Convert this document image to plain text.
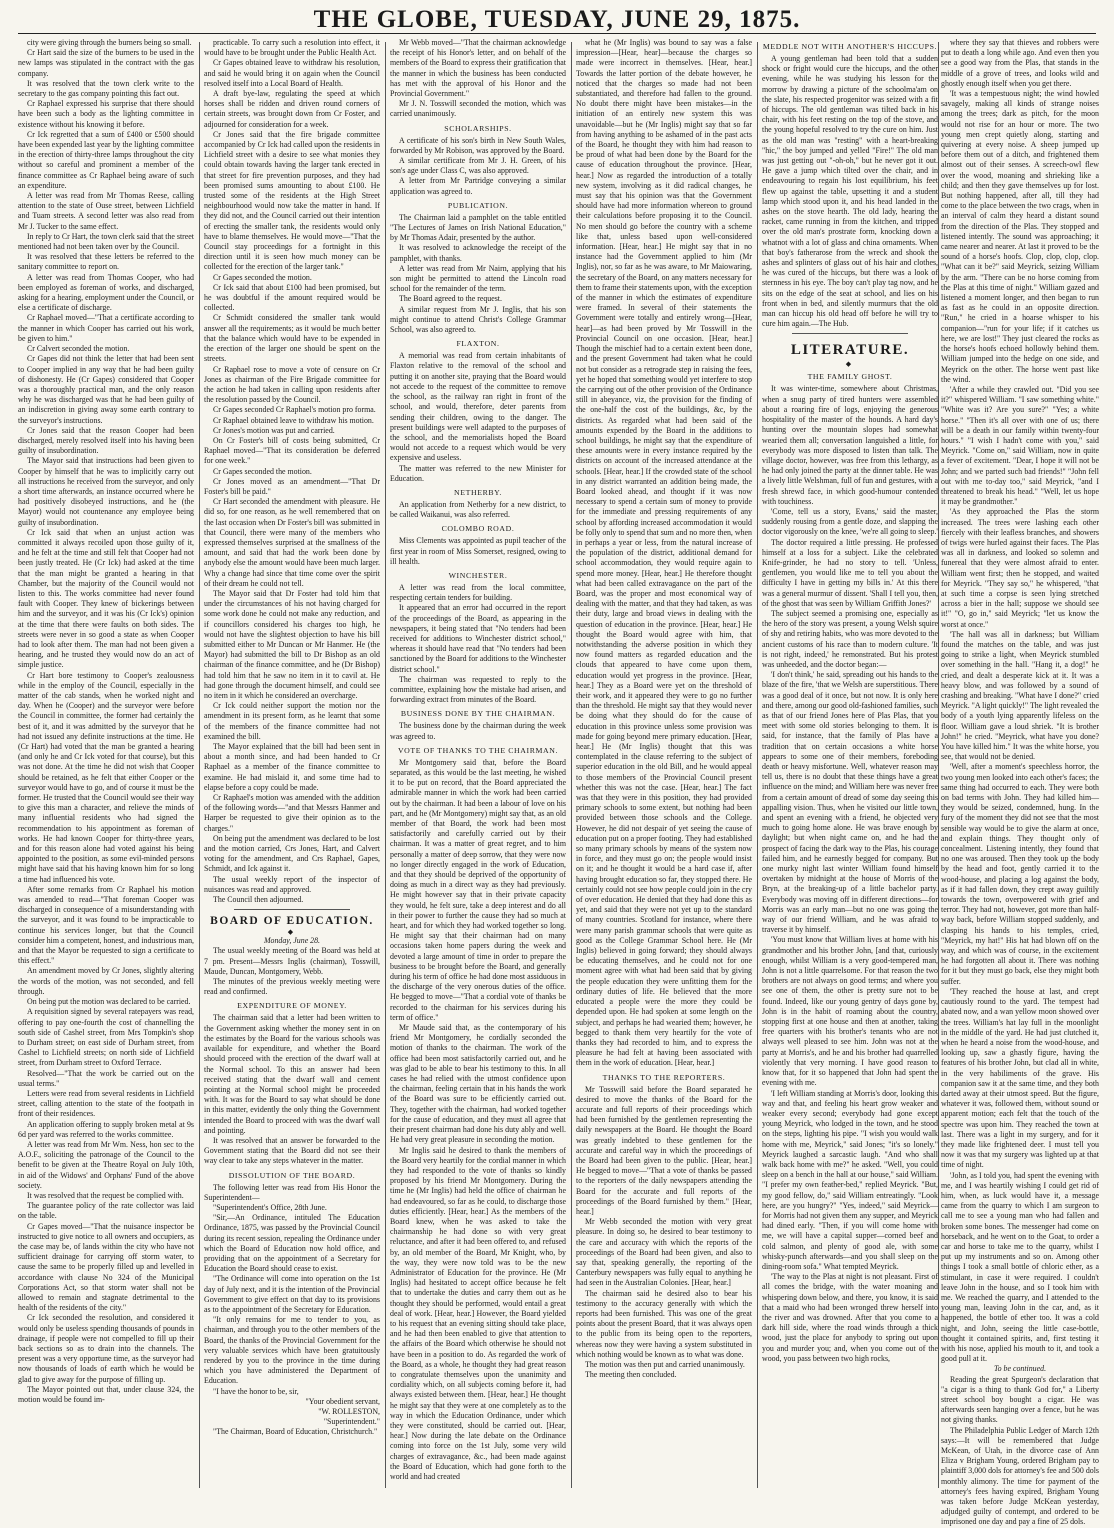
THE GLOBE, TUESDAY, JUNE 29, 1875.

city were giving through the burners being so small.

Cr Hart said the size of the burners to be used in the new lamps was stipulated in the contract with the gas company.

It was resolved that the town clerk write to the secretary to the gas company pointing this fact out.

Cr Raphael expressed his surprise that there should have been such a body as the lighting committee in existence without his knowing it before.

Cr Ick regretted that a sum of £400 or £500 should have been expended last year by the lighting committee in the erection of thirty-three lamps throughout the city without so careful and prominent a member of the finance committee as Cr Raphael being aware of such an expenditure.

A letter was read from Mr Thomas Reese, calling attention to the state of Ouse street, between Lichfield and Tuam streets. A second letter was also read from Mr J. Tucker to the same effect.

In reply to Cr Hart, the town clerk said that the street mentioned had not been taken over by the Council.

It was resolved that these letters be referred to the sanitary committee to report on.

A letter was read from Thomas Cooper, who had been employed as foreman of works, and discharged, asking for a hearing, employment under the Council, or else a certificate of discharge.

Cr Raphael moved—"That a certificate according to the manner in which Cooper has carried out his work, be given to him."

Cr Calvert seconded the motion.

Cr Gapes did not think the letter that had been sent to Cooper implied in any way that he had been guilty of dishonesty. He (Cr Gapes) considered that Cooper was a thoroughly practical man, and the only reason why he was discharged was that he had been guilty of an indiscretion in giving away some earth contrary to the surveyor's instructions.

Cr Jones said that the reason Cooper had been discharged, merely resolved itself into his having been guilty of insubordination.

The Mayor said that instructions had been given to Cooper by himself that he was to implicitly carry out all instructions he received from the surveyor, and only a short time afterwards, an instance occurred where he had positively disobeyed instructions, and he (the Mayor) would not countenance any employee being guilty of insubordination.

Cr Ick said that when an unjust action was committed it always recoiled upon those guilty of it, and he felt at the time and still felt that Cooper had not been justly treated. He (Cr Ick) had asked at the time that the man might be granted a hearing in that Chamber, but the majority of the Council would not listen to this. The works committee had never found fault with Cooper. They knew of bickerings between him and the surveyor, and it was his (Cr Ick's) opinion at the time that there were faults on both sides. The streets were never in so good a state as when Cooper had to look after them. The man had not been given a hearing, and he trusted they would now do an act of simple justice.

Cr Hart bore testimony to Cooper's zealousness while in the employ of the Council, especially in the matter of the cab stands, when he worked night and day. When he (Cooper) and the surveyor were before the Council in committee, the former had certainly the best of it, and it was admitted by the surveyor that he had not issued any definite instructions at the time. He (Cr Hart) had voted that the man be granted a hearing (and only he and Cr Ick voted for that course), but this was not done. At the time he did not wish that Cooper should be retained, as he felt that either Cooper or the surveyor would have to go, and of course it must be the former. He trusted that the Council would see their way to give this man a character, and relieve the minds of many influential residents who had signed the recommendation to his appointment as foreman of works. He had known Cooper for thirty-three years, and for this reason alone had voted against his being appointed to the position, as some evil-minded persons might have said that his having known him for so long a time had influenced his vote.

After some remarks from Cr Raphael his motion was amended to read—"That foreman Cooper was discharged in consequence of a misunderstanding with the surveyor, and it was found to be impracticable to continue his services longer, but that the Council consider him a competent, honest, and industrious man, and that the Mayor be requested to sign a certificate to this effect."

An amendment moved by Cr Jones, slightly altering the words of the motion, was not seconded, and fell through.

On being put the motion was declared to be carried.

A requisition signed by several ratepayers was read, offering to pay one-fourth the cost of channelling the south side of Cashel street, from Mrs Tompkin's shop to Durham street; on east side of Durham street, from Cashel to Lichfield streets; on north side of Lichfield street, from Durham street to Oxford Terrace.

Resolved—"That the work be carried out on the usual terms."

Letters were read from several residents in Lichfield street, calling attention to the state of the footpath in front of their residences.

An application offering to supply broken metal at 9s 6d per yard was referred to the works committee.

A letter was read from Mr Wm. Ness, hon sec to the A.O.F., soliciting the patronage of the Council to the benefit to be given at the Theatre Royal on July 10th, in aid of the Widows' and Orphans' Fund of the above society.

It was resolved that the request be complied with.

The guarantee policy of the rate collector was laid on the table.

Cr Gapes moved—"That the nuisance inspector be instructed to give notice to all owners and occupiers, as the case may be, of lands within the city who have not sufficient drainage for carrying off storm water, to cause the same to be properly filled up and levelled in accordance with clause No 324 of the Municipal Corporations Act, so that storm water shall not be allowed to remain and stagnate detrimental to the health of the residents of the city."

Cr Ick seconded the resolution, and considered it would only be useless spending thousands of pounds in drainage, if people were not compelled to fill up their back sections so as to drain into the channels. The present was a very opportune time, as the surveyor had now thousands of loads of earth which he would be glad to give away for the purpose of filling up.

The Mayor pointed out that, under clause 324, the motion would be found im-

practicable. To carry such a resolution into effect, it would have to be brought under the Public Health Act.

Cr Gapes obtained leave to withdraw his resolution, and said he would bring it on again when the Council resolved itself into a Local Board of Health.

A draft bye-law, regulating the speed at which horses shall be ridden and driven round corners of certain streets, was brought down from Cr Foster, and adjourned for consideration for a week.

Cr Jones said that the fire brigade committee accompanied by Cr Ick had called upon the residents in Lichfield street with a desire to see what monies they could obtain towards having the larger tank erected in that street for fire prevention purposes, and they had been promised sums amounting to about £100. He trusted some of the residents at the High Street neighbourhood would now take the matter in hand. If they did not, and the Council carried out their intention of erecting the smaller tank, the residents would only have to blame themselves. He would move—"That the Council stay proceedings for a fortnight in this direction until it is seen how much money can be collected for the erection of the larger tank."

Cr Gapes seconded the motion.

Cr Ick said that about £100 had been promised, but he was doubtful if the amount required would be collected.

Cr Schmidt considered the smaller tank would answer all the requirements; as it would be much better that the balance which would have to be expended in the erection of the larger one should be spent on the streets.

Cr Raphael rose to move a vote of censure on Cr Jones as chairman of the Fire Brigade committee for the action he had taken in calling upon residents after the resolution passed by the Council.

Cr Gapes seconded Cr Raphael's motion pro forma.

Cr Raphael obtained leave to withdraw his motion.

Cr Jones's motion was put and carried.

On Cr Foster's bill of costs being submitted, Cr Raphael moved—"That its consideration be deferred for one week."

Cr Gapes seconded the motion.

Cr Jones moved as an amendment—"That Dr Foster's bill be paid."

Cr Hart seconded the amendment with pleasure. He did so, for one reason, as he well remembered that on the last occasion when Dr Foster's bill was submitted in that Council, there were many of the members who expressed themselves surprised at the smallness of the amount, and said that had the work been done by anybody else the amount would have been much larger. Why a change had since that time come over the spirit of their dream he could not tell.

The Mayor said that Dr Foster had told him that under the circumstances of his not having charged for some work done he could not make any reduction, and if councillors considered his charges too high, he would not have the slightest objection to have his bill submitted either to Mr Duncan or Mr Hanmer. He (the Mayor) had submitted the bill to Dr Bishop as an old chairman of the finance committee, and he (Dr Bishop) had told him that he saw no item in it to cavil at. He had gone through the document himself, and could see no item in it which he considered an overcharge.

Cr Ick could neither support the motion nor the amendment in its present form, as he learnt that some of the members of the finance committee had not examined the bill.

The Mayor explained that the bill had been sent in about a month since, and had been handed to Cr Raphael as a member of the finance committee to examine. He had mislaid it, and some time had to elapse before a copy could be made.

Cr Raphael's motion was amended with the addition of the following words—"and that Messrs Hanmer and Harper be requested to give their opinion as to the charges."

On being put the amendment was declared to be lost and the motion carried, Crs Jones, Hart, and Calvert voting for the amendment, and Crs Raphael, Gapes, Schmidt, and Ick against it.

The usual weekly report of the inspector of nuisances was read and approved.

The Council then adjourned.

BOARD OF EDUCATION.

◆

Monday, June 28.

The usual weekly meeting of the Board was held at 7 pm. Present—Messrs Inglis (chairman), Tosswill, Maude, Duncan, Montgomery, Webb.

The minutes of the previous weekly meeting were read and confirmed.

EXPENDITURE OF MONEY.

The chairman said that a letter had been written to the Government asking whether the money sent in on the estimates by the Board for the various schools was available for expenditure, and whether the Board should proceed with the erection of the dwarf wall at the Normal school. To this an answer had been received stating that the dwarf wall and cement pointing at the Normal school might be proceeded with. It was for the Board to say what should be done in this matter, evidently the only thing the Government intended the Board to proceed with was the dwarf wall and pointing.

It was resolved that an answer be forwarded to the Government stating that the Board did not see their way clear to take any steps whatever in the matter.

DISSOLUTION OF THE BOARD.

The following letter was read from His Honor the Superintendent—

"Superintendent's Office, 28th June.

"Sir,—An Ordinance, intituled The Education Ordinance, 1875, was passed by the Provincial Council during its recent session, repealing the Ordinance under which the Board of Education now hold office, and providing that on the appointment of a Secretary for Education the Board should cease to exist.

"The Ordinance will come into operation on the 1st day of July next, and it is the intention of the Provincial Government to give effect on that day to its provisions as to the appointment of the Secretary for Education.

"It only remains for me to tender to you, as chairman, and through you to the other members of the Board, the thanks of the Provincial Government for the very valuable services which have been gratuitously rendered by you to the province in the time during which you have administered the Department of Education.

"I have the honor to be, sir,

"Your obedient servant,

"W. ROLLESTON,

"Superintendent."

"The Chairman, Board of Education, Christchurch."

Mr Webb moved—"That the chairman acknowledge the receipt of his Honor's letter, and on behalf of the members of the Board to express their gratification that the manner in which the business has been conducted has met with the approval of his Honor and the Provincial Government."

Mr J. N. Tosswill seconded the motion, which was carried unanimously.

SCHOLARSHIPS.

A certificate of his son's birth in New South Wales, forwarded by Mr Robison, was approved by the Board.

A similar certificate from Mr J. H. Green, of his son's age under Class C, was also approved.

A letter from Mr Partridge conveying a similar application was agreed to.

PUBLICATION.

The Chairman laid a pamphlet on the table entitled "The Lectures of James on Irish National Education," by Mr Thomas Adair, presented by the author.

It was resolved to acknowledge the receipt of the pamphlet, with thanks.

A letter was read from Mr Nairn, applying that his son might be permitted to attend the Lincoln road school for the remainder of the term.

The Board agreed to the request.

A similar request from Mr J. Inglis, that his son might continue to attend Christ's College Grammar School, was also agreed to.

FLAXTON.

A memorial was read from certain inhabitants of Flaxton relative to the removal of the school and putting it on another site, praying that the Board would not accede to the request of the committee to remove the school, as the railway ran right in front of the school, and would, therefore, deter parents from sending their children, owing to the danger. The present buildings were well adapted to the purposes of the school, and the memorialists hoped the Board would not accede to a request which would be very expensive and useless.

The matter was referred to the new Minister for Education.

NETHERBY.

An application from Netherby for a new district, to be called Waikanui, was also referred.

COLOMBO ROAD.

Miss Clements was appointed as pupil teacher of the first year in room of Miss Somerset, resigned, owing to ill health.

WINCHESTER.

A letter was read from the local committee, respecting certain tenders for building.

It appeared that an error had occurred in the report of the proceedings of the Board, as appearing in the newspapers, it being stated that "No tenders had been received for additions to Winchester district school," whereas it should have read that "No tenders had been sanctioned by the Board for additions to the Winchester district school."

The chairman was requested to reply to the committee, explaining how the mistake had arisen, and forwarding extract from minutes of the Board.

BUSINESS DONE BY THE CHAIRMAN.

The business done by the chairman during the week was agreed to.

VOTE OF THANKS TO THE CHAIRMAN.

Mr Montgomery said that, before the Board separated, as this would be the last meeting, he wished it to be put on record, that the Board appreciated the admirable manner in which the work had been carried out by the chairman. It had been a labour of love on his part, and he (Mr Montgomery) might say that, as an old member of that Board, the work had been most satisfactorily and carefully carried out by their chairman. It was a matter of great regret, and to him personally a matter of deep sorrow, that they were now no longer directly engaged in the work of Education, and that they should be deprived of the opportunity of doing as much in a direct way as they had previously. He might however say that in their private capacity they would, he felt sure, take a deep interest and do all in their power to further the cause they had so much at heart, and for which they had worked together so long. He might say that their chairman had on many occasions taken home papers during the week and devoted a large amount of time in order to prepare the business to be brought before the Board, and generally during his term of office he had done most assiduous in the discharge of the very onerous duties of the office. He begged to move—"That a cordial vote of thanks be recorded to the chairman for his services during his term of office."

Mr Maude said that, as the contemporary of his friend Mr Montgomery, he cordially seconded the motion of thanks to the chairman. The work of the office had been most satisfactorily carried out, and he was glad to be able to bear his testimony to this. In all cases he had relied with the utmost confidence upon the chairman, feeling certain that in his hands the work of the Board was sure to be efficiently carried out. They, together with the chairman, had worked together for the cause of education, and they must all agree that their present chairman had done his duty ably and well. He had very great pleasure in seconding the motion.

Mr Inglis said he desired to thank the members of the Board very heartily for the cordial manner in which they had responded to the vote of thanks so kindly proposed by his friend Mr Montgomery. During the time he (Mr Inglis) had held the office of chairman he had endeavoured, so far as he could, to discharge those duties efficiently. [Hear, hear.] As the members of the Board knew, when he was asked to take the chairmanship he had done so with very great reluctance, and after it had been offered to, and refused by, an old member of the Board, Mr Knight, who, by the way, they were now told was to be the new Administrator of Education for the province. He (Mr Inglis) had hesitated to accept office because he felt that to undertake the duties and carry them out as he thought they should be performed, would entail a great deal of work. [Hear, hear.] However, the Board yielded to his request that an evening sitting should take place, and he had then been enabled to give that attention to the affairs of the Board which otherwise he should not have been in a position to do. As regarded the work of the Board, as a whole, he thought they had great reason to congratulate themselves upon the unanimity and cordiality which, on all subjects coming before it, had always existed between them. [Hear, hear.] He thought he might say that they were at one completely as to the way in which the Education Ordinance, under which they were constituted, should be carried out. [Hear, hear.] Now during the late debate on the Ordinance coming into force on the 1st July, some very wild charges of extravagance, &c., had been made against the Board of Education, which had gone forth to the world and had created

what he (Mr Inglis) was bound to say was a false impression—[Hear, hear]—because the charges so made were incorrect in themselves. [Hear, hear.] Towards the latter portion of the debate however, he noticed that the charges so made had not been substantiated, and therefore had fallen to the ground. No doubt there might have been mistakes—in the initiation of an entirely new system this was unavoidable—but he (Mr Inglis) might say that so far from having anything to be ashamed of in the past acts of the Board, he thought they with him had reason to be proud of what had been done by the Board for the cause of education throughout the province. [Hear, hear.] Now as regarded the introduction of a totally new system, involving as it did radical changes, he must say that his opinion was that the Government should have had more information whereon to ground their calculations before proposing it to the Council. No men should go before the country with a scheme like that, unless based upon well-considered information. [Hear, hear.] He might say that in no instance had the Government applied to him (Mr Inglis), nor, so far as he was aware, to Mr Maiowaring, the secretary of the Board, on any matters necessary for them to frame their statements upon, with the exception of the manner in which the estimates of expenditure were framed. In several of their statements the Government were totally and entirely wrong—[Hear, hear]—as had been proved by Mr Tosswill in the Provincial Council on one occasion. [Hear, hear.] Though the mischief had to a certain extent been done, and the present Government had taken what he could not but consider as a retrograde step in raising the fees, yet he hoped that something would yet interfere to stop the carrying out of the other provision of the Ordinance still in abeyance, viz, the provision for the finding of the one-half the cost of the buildings, &c, by the districts. As regarded what had been said of the amounts expended by the Board in the additions to school buildings, he might say that the expenditure of these amounts were in every instance required by the districts on account of the increased attendance at the schools. [Hear, hear.] If the crowded state of the school in any district warranted an addition being made, the Board looked ahead, and thought if it was now necessary to spend a certain sum of money to provide for the immediate and pressing requirements of any school by affording increased accommodation it would be folly only to spend that sum and no more then, when in perhaps a year or less, from the natural increase of the population of the district, additional demand for school accommodation, they would require again to spend more money. [Hear, hear.] He therefore thought what had been called extravagance on the part of the Board, was the proper and most economical way of dealing with the matter, and that they had taken, as was their duty, large and broad views in dealing with the question of education in the province. [Hear, hear.] He thought the Board would agree with him, that notwithstanding the adverse position in which they now found matters as regarded education and the clouds that appeared to have come upon them, education would yet progress in the province. [Hear, hear.] They as a Board were yet on the threshold of their work, and it appeared they were to go no further than the threshold. He might say that they would never be doing what they should do for the cause of education in this province unless some provision was made for going beyond mere primary education. [Hear, hear.] He (Mr Inglis) thought that this was contemplated in the clause referring to the subject of superior education in the old Bill, and he would appeal to those members of the Provincial Council present whether this was not the case. [Hear, hear.] The fact was that they were in this position, they had provided primary schools to some extent, but nothing had been provided between those schools and the College. However, he did not despair of yet seeing the cause of education put on a proper footing. They had established so many primary schools by means of the system now in force, and they must go on; the people would insist on it; and he thought it would be a hard case if, after having brought education so far, they stopped there. He certainly could not see how people could join in the cry of over education. He denied that they had done this as yet, and said that they were not yet up to the standard of many countries. Scotland for instance, where there were many parish grammar schools that were quite as good as the College Grammar School here. He (Mr Inglis) believed in going forward; they should always be educating themselves, and he could not for one moment agree with what had been said that by giving the people education they were unfitting them for the ordinary duties of life. He believed that the more educated a people were the more they could be depended upon. He had spoken at some length on the subject, and perhaps he had wearied them; however, he begged to thank them very heartily for the vote of thanks they had recorded to him, and to express the pleasure he had felt at having been associated with them in the work of education. [Hear, hear.]

THANKS TO THE REPORTERS.

Mr Tosswill said before the Board separated he desired to move the thanks of the Board for the accurate and full reports of their proceedings which had been furnished by the gentlemen representing the daily newspapers at the Board. He thought the Board was greatly indebted to these gentlemen for the accurate and careful way in which the proceedings of the Board had been given to the public. [Hear, hear.] He begged to move—"That a vote of thanks be passed to the reporters of the daily newspapers attending the Board for the accurate and full reports of the proceedings of the Board furnished by them." [Hear, hear.]

Mr Webb seconded the motion with very great pleasure. In doing so, he desired to bear testimony to the care and accuracy with which the reports of the proceedings of the Board had been given, and also to say that, speaking generally, the reporting of the Canterbury newspapers was fully equal to anything he had seen in the Australian Colonies. [Hear, hear.]

The chairman said he desired also to bear his testimony to the accuracy generally with which the reports had been furnished. This was one of the great points about the present Board, that it was always open to the public from its being open to the reporters, whereas now they were having a system substituted in which nothing would be known as to what was done.

The motion was then put and carried unanimously.

The meeting then concluded.

MEDDLE NOT WITH ANOTHER'S HICCUPS.

A young gentleman had been told that a sudden shock or fright would cure the hiccups, and the other evening, while he was studying his lesson for the morrow by drawing a picture of the schoolma'am on the slate, his respected progenitor was seized with a fit of hiccups. The old gentleman was tilted back in his chair, with his feet resting on the top of the stove, and the young hopeful resolved to try the cure on him. Just as the old man was "resting" with a heart-breaking "hic," the boy jumped and yelled "Fire!" The old man was just getting out "-oh-oh," but he never got it out. He gave a jump which tilted over the chair, and in endeavouring to regain his lost equilibrium, his feet flew up against the table, upsetting it and a student lamp which stood upon it, and his head landed in the ashes on the stove hearth. The old lady, hearing the racket, came running in from the kitchen, and tripped over the old man's prostrate form, knocking down a whatnot with a lot of glass and china ornaments. When that boy's fatherarose from the wreck and shook the ashes and splinters of glass out of his hair and clothes, he was cured of the hiccups, but there was a look of sternness in his eye. The boy can't play tag now, and he sits on the edge of the seat at school, and lies on his front when in bed, and silently murmurs that the old man can hiccup his old head off before he will try to cure him again.—The Hub.

LITERATURE.

◆

THE FAMILY GHOST.

It was winter-time, somewhere about Christmas, when a snug party of tired hunters were assembled about a roaring fire of logs, enjoying the generous hospitality of the master of the hounds. A hard day's hunting over the mountain slopes had somewhat wearied them all; conversation languished a little, for everybody was more disposed to listen than talk. The village doctor, however, was free from this lethargy, as he had only joined the party at the dinner table. He was a lively little Welshman, full of fun and gestures, with a fresh shrewd face, in which good-humour contended with touchiness.

'Come, tell us a story, Evans,' said the master, suddenly rousing from a gentle doze, and slapping the doctor vigorously on the knee, 'we're all going to sleep.'

The doctor required a little pressing. He professed himself at a loss for a subject. Like the celebrated Knife-grinder, he had no story to tell. 'Unless, gentlemen, you would like me to tell you about the difficulty I have in getting my bills in.' At this there was a general murmur of dissent. 'Shall I tell you, then, of the ghost that was seen by William Griffith Jones?'

The subject seemed a promising one, especially as the hero of the story was present, a young Welsh squire of shy and retiring habits, who was more devoted to the ancient customs of his race than to modern culture. 'It is not right, indeed,' he remonstrated. But his protest was unheeded, and the doctor began:—

'I don't think,' he said, spreading out his hands to the blaze of the fire, 'that we Welsh are superstitious. There was a good deal of it once, but not now. It is only here and there, among our good old-fashioned families, such as that of our friend Jones here of Plas Plas, that you meet with some old stories belonging to them. It is said, for instance, that the family of Plas have a tradition that on certain occasions a white horse appears to some one of their members, foreboding death or heavy misfortune. Well, whatever reason may tell us, there is no doubt that these things have a great influence on the mind; and William here was never free from a certain amount of dread of some day seeing this appalling vision. Thus, when he visited our little town, and spent an evening with a friend, he objected very much to going home alone. He was brave enough by daylight; but when night came on, and he had the prospect of facing the dark way to the Plas, his courage failed him, and he earnestly begged for company. But one murky night last winter William found himself overtaken by midnight at the house of Morris of the Bryn, at the breaking-up of a little bachelor party. Everybody was moving off in different directions—for Morris was an early man—but no one was going the way of our friend William, and he was afraid to traverse it by himself.

'You must know that William lives at home with his grandmother and his brother John, [and that, curiously enough, whilst William is a very good-tempered man, John is not a little quarrelsome. For that reason the two brothers are not always on good terms; and where you see one of them, the other is pretty sure not to be found. Indeed, like our young gentry of days gone by, John is in the habit of roaming about the country, stopping first at one house and then at another, taking free quarters with his brother's tenants who are not always well pleased to see him. John was not at the party at Morris's, and he and his brother had quarrelled violently that very morning. I have good reason to know that, for it so happened that John had spent the evening with me.

'I left William standing at Morris's door, looking this way and that, and feeling his heart grow weaker and weaker every second; everybody had gone except young Meyrick, who lodged in the town, and he stood on the steps, lighting his pipe. "I wish you would walk home with me, Meyrick," said Jones; "it's so lonely." Meyrick laughed a sarcastic laugh. "And who shall walk back home with me?" he asked. "Well, you could sleep on a bench in the hall at our house," said William. "I prefer my own feather-bed," replied Meyrick. "But, my good fellow, do," said William entreatingly. "Look here, are you hungry?" "Yes, indeed," said Meyrick—for Morris had not given them any supper, and Meyrick had dined early. "Then, if you will come home with me, we will have a capital supper—corned beef and cold salmon, and plenty of good ale, with some whisky-punch afterwards—and you shall sleep on the dining-room sofa." What tempted Meyrick.

'The way to the Plas at night is not pleasant. First of all comes the bridge, with the water moaning and whispering down below, and there, you know, it is said that a maid who had been wronged threw herself into the river and was drowned. After that you come to a dark hill side, where the road winds through a thick wood, just the place for anybody to spring out upon you and murder you; and, when you come out of the wood, you pass between two high rocks,

where they say that thieves and robbers were put to death a long while ago. And even then you see a good way from the Plas, that stands in the middle of a grove of trees, and looks wild and ghostly enough itself when you get there.

'It was a tempestuous night; the wind howled savagely, making all kinds of strange noises among the trees; dark as pitch, for the moon would not rise for an hour or more. The two young men crept quietly along, starting and quivering at every noise. A sheep jumped up before them out of a ditch, and frightened them almost out of their senses. A screech-owl flew over the wood, moaning and shrieking like a child; and then they gave themselves up for lost. But nothing happened, after all, till they had come to the place between the two crags, when in an interval of calm they heard a distant sound from the direction of the Plas. They stopped and listened intently. The sound was approaching; it came nearer and nearer. At last it proved to be the sound of a horse's hoofs. Clop, clop, clop, clop. "What can it be?" said Meyrick, seizing William by the arm. "There can be no horse coming from the Plas at this time of night." William gazed and listened a moment longer, and then began to run as fast as he could in an opposite direction. "Run," he cried in a hoarse whisper to his companion—"run for your life; if it catches us here, we are lost!" They just cleared the rocks as the horse's hoofs echoed hollowly behind them. William jumped into the hedge on one side, and Meyrick on the other. The horse went past like the wind.

'After a while they crawled out. "Did you see it?" whispered William. "I saw something white." "White was it? Are you sure?" "Yes; a white horse." "Then it's all over with one of us; there will be a death in our family within twenty-four hours." "I wish I hadn't come with you," said Meyrick. "Come on," said William, now in quite a fever of excitement. "Dear, I hope it will not be John; and we parted such bad friends!" "John fell out with me to-day too," said Meyrick, "and I threatened to break his head." "Well, let us hope it may be grandmother."

'As they approached the Plas the storm increased. The trees were lashing each other fiercely with their leafless branches, and showers of twigs were hurled against their faces. The Plas was all in darkness, and looked so solemn and funereal that they were almost afraid to enter. William went first; then he stopped, and waited for Meyrick. "They say so," he whispered, "that at such time a corpse is seen lying stretched across a bier in the hall; suppose we should see it!" "O, go in," said Meyrick; "let us know the worst at once."

'The hall was all in darkness; but William found the matches on the table, and was just going to strike a light, when Meyrick stumbled over something in the hall. "Hang it, a dog!" he cried, and dealt a desperate kick at it. It was a heavy blow, and was followed by a sound of crashing and breaking. "What have I done?" cried Meyrick. "A light quickly!" The light revealed the body of a youth lying apparently lifeless on the floor. William gave a loud shriek. "It is brother John!" he cried. "Meyrick, what have you done? You have killed him." It was the white horse, you see, that would not be denied.

'Well, after a moment's speechless horror, the two young men looked into each other's faces; the same thing had occurred to each. They were both on bad terms with John. They had killed him—they would be seized, condemned, hung. In the fury of the moment they did not see that the most sensible way would be to give the alarm at once, and explain things. They thought only of concealment. Listening intently, they found that no one was aroused. Then they took up the body by the head and foot, gently carried it to the wood-house, and placing a log against the body, as if it had fallen down, they crept away guiltily towards the town, overpowered with grief and terror. They had not, however, got more than half-way back, before William stopped suddenly, and clasping his hands to his temples, cried, "Meyrick, my hat!" His hat had blown off on the way, and which was of course, in the excitement he had forgotten all about it. There was nothing for it but they must go back, else they might both suffer.

'They reached the house at last, and crept cautiously round to the yard. The tempest had abated now, and a wan yellow moon showed over the trees. William's hat lay full in the moonlight in the middle of the yard. He had just clutched it, when he heard a noise from the wood-house, and looking up, saw a ghastly figure, having the features of his brother John, but clad all in white, in the very habiliments of the grave. His companion saw it at the same time, and they both darted away at their utmost speed. But the figure, whatever it was, followed them, without sound or apparent motion; each felt that the touch of the spectre was upon him. They reached the town at last. There was a light in my surgery, and for it they made like frightened deer. I must tell you now it was that my surgery was lighted up at that time of night.

'John, as I told you, had spent the evening with me, and I was heartily wishing I could get rid of him, when, as luck would have it, a message came from the quarry to which I am surgeon to call me to see a young man who had fallen and broken some bones. The messenger had come on horseback, and he went on to the Goat, to order a car and horse to take me to the quarry, whilst I put up my instruments and so on. Among other things I took a small bottle of chloric ether, as a stimulant, in case it were required. I couldn't leave John in the house, and so I took him with me. We reached the quarry, and I attended to the young man, leaving John in the car, and, as it happened, the bottle of ether too. It was a cold night, and John, seeing the little case-bottle, thought it contained spirits, and, first testing it with his nose, applied his mouth to it, and took a good pull at it.

To be continued.

Reading the great Spurgeon's declaration that "a cigar is a thing to thank God for," a Liberty street school boy bought a cigar. He was afterwards seen hanging over a fence, but he was not giving thanks.

The Philadelphia Public Ledger of March 12th says:—It will be remembered that Judge McKean, of Utah, in the divorce case of Ann Eliza v Brigham Young, ordered Brigham pay to plaintiff 3,000 dols for attorney's fee and 500 dols monthly alimony. The time for payment of the attorney's fees having expired, Brigham Young was taken before Judge McKean yesterday, adjudged guilty of contempt, and ordered to be imprisoned one day and pay a fine of 25 dols.
